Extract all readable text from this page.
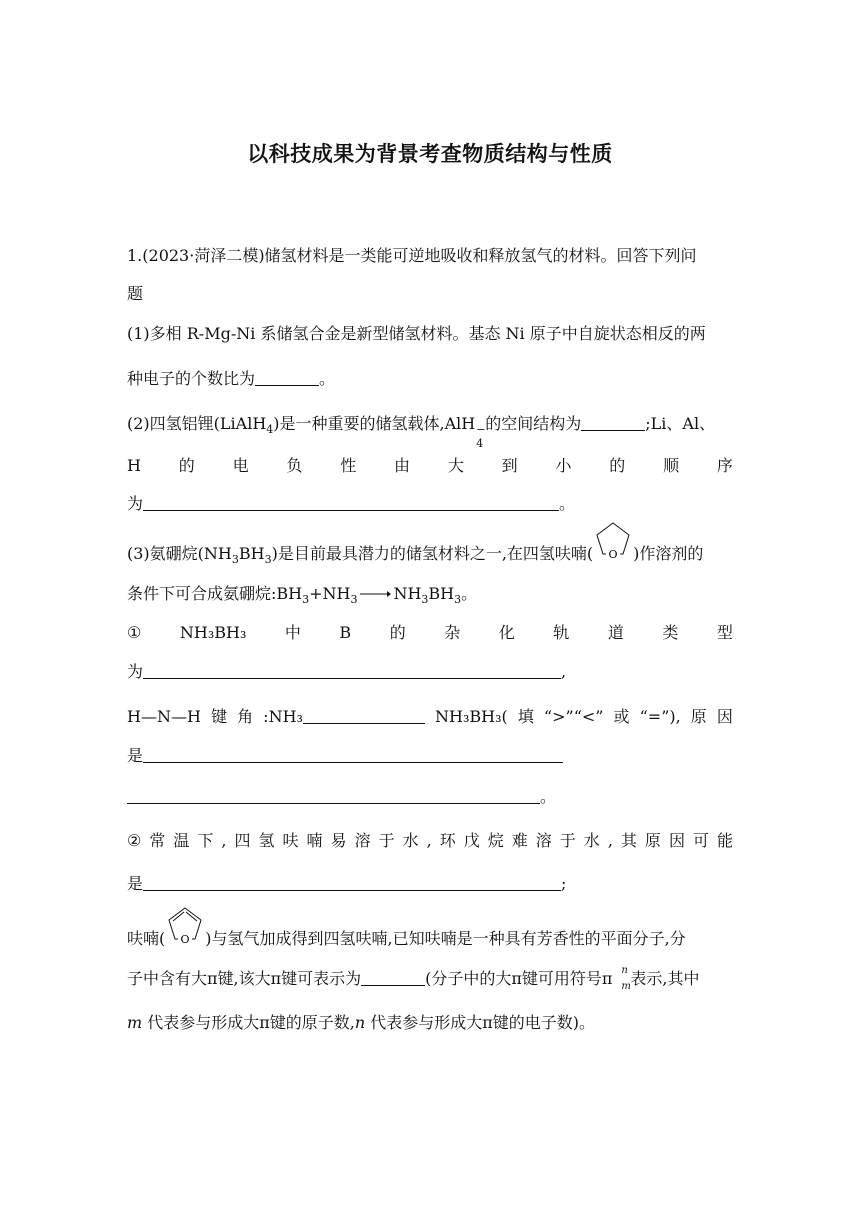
以科技成果为背景考查物质结构与性质
1.(2023·菏泽二模)储氢材料是一类能可逆地吸收和释放氢气的材料。回答下列问
题
(1)多相 R-Mg-Ni 系储氢合金是新型储氢材料。基态 Ni 原子中自旋状态相反的两
种电子的个数比为	。
(2)四氢铝锂(LiAlH$_4$)是一种重要的储氢载体,AlH −
4
的空间结构为	;Li、Al、
H 的 电 负 性 由 大 到 小 的 顺 序
为	。
(3)氨硼烷$(NH_3BH_3)$是目前最具潜力的储氢材料之一,在四氢呋喃( O )作溶剂的
条件下可合成氨硼烷$:BH_3+NH_3 \to NH_3BH_3$。
① NH₃BH₃ 中 B 的 杂 化 轨 道 类 型
为	,
H—N—H 键 角 :NH₃	NH₃BH₃( 填 “>”“<” 或 “=”), 原 因
是
。
② 常 温 下 , 四 氢 呋 喃 易 溶 于 水 , 环 戊 烷 难 溶 于 水 , 其 原 因 可 能
是	;
呋喃( O )与氢气加成得到四氢呋喃,已知呋喃是一种具有芳香性的平面分子,分
子中含有大π键,该大π键可表示为	(分子中的大π键可用符号π n
m 表示,其中
m 代表参与形成大π键的原子数,n 代表参与形成大π键的电子数)。
